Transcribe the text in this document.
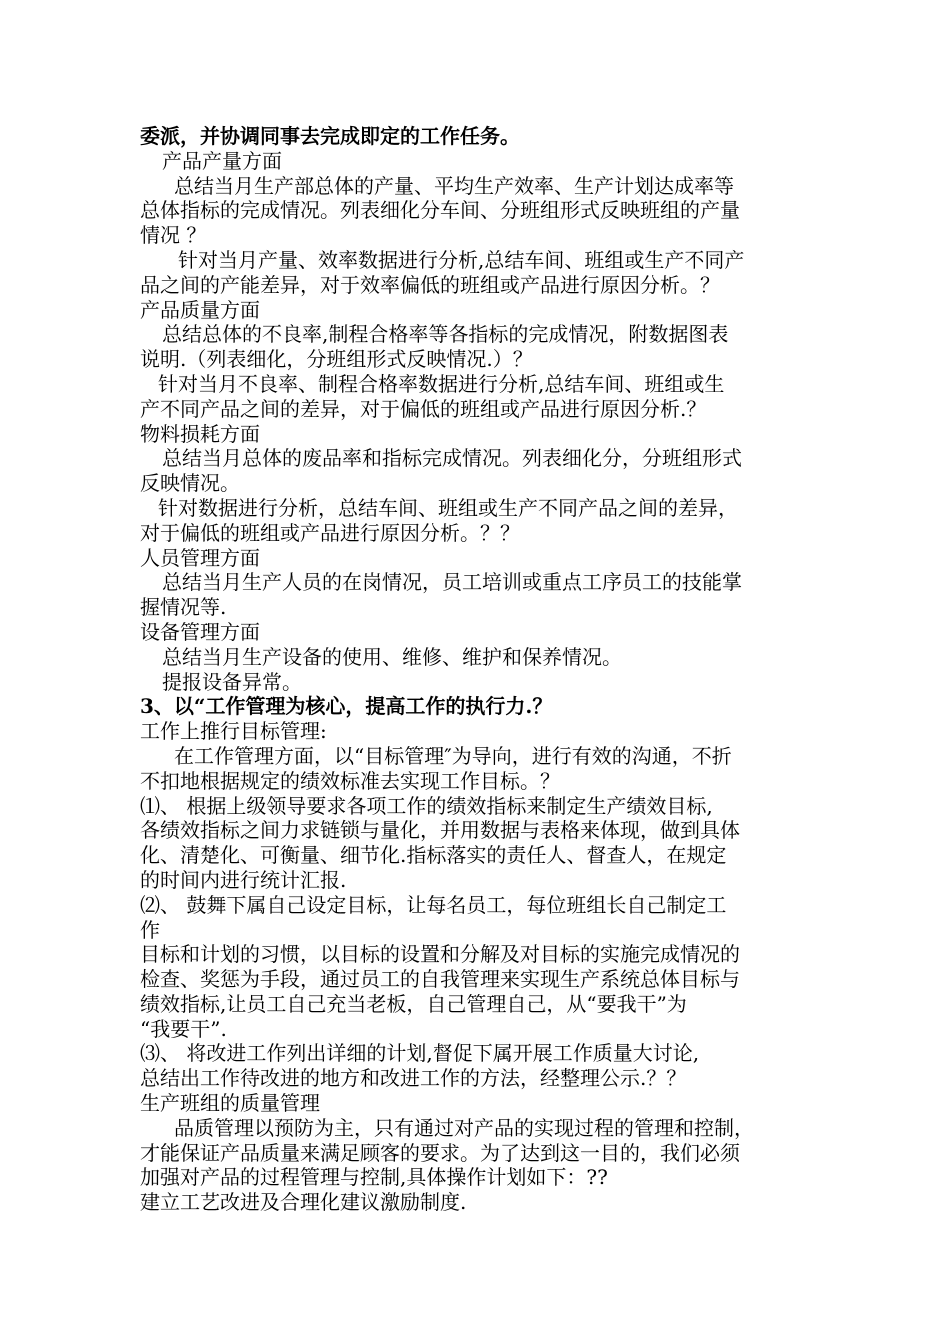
委派，并协调同事去完成即定的工作任务。
产品产量方面
总结当月生产部总体的产量、平均生产效率、生产计划达成率等
总体指标的完成情况。列表细化分车间、分班组形式反映班组的产量
情况 ？
针对当月产量、效率数据进行分析,总结车间、班组或生产不同产
品之间的产能差异，对于效率偏低的班组或产品进行原因分析。？
产品质量方面
总结总体的不良率,制程合格率等各指标的完成情况，附数据图表
说明.（列表细化，分班组形式反映情况.）？
针对当月不良率、制程合格率数据进行分析,总结车间、班组或生
产不同产品之间的差异，对于偏低的班组或产品进行原因分析.？
物料损耗方面
总结当月总体的废品率和指标完成情况。列表细化分，分班组形式
反映情况。
针对数据进行分析，总结车间、班组或生产不同产品之间的差异，
对于偏低的班组或产品进行原因分析。？？
人员管理方面
总结当月生产人员的在岗情况，员工培训或重点工序员工的技能掌
握情况等.
设备管理方面
总结当月生产设备的使用、维修、维护和保养情况。
提报设备异常。
3、以“工作管理为核心，提高工作的执行力.？
工作上推行目标管理:
在工作管理方面，以“目标管理″为导向，进行有效的沟通，不折
不扣地根据规定的绩效标准去实现工作目标。？
⑴、 根据上级领导要求各项工作的绩效指标来制定生产绩效目标,
各绩效指标之间力求链锁与量化，并用数据与表格来体现，做到具体
化、清楚化、可衡量、细节化.指标落实的责任人、督查人，在规定
的时间内进行统计汇报.
⑵、 鼓舞下属自己设定目标，让每名员工，每位班组长自己制定工
作
目标和计划的习惯，以目标的设置和分解及对目标的实施完成情况的
检查、奖惩为手段，通过员工的自我管理来实现生产系统总体目标与
绩效指标,让员工自己充当老板，自己管理自己，从“要我干”为
“我要干”.
⑶、 将改进工作列出详细的计划,督促下属开展工作质量大讨论,
总结出工作待改进的地方和改进工作的方法，经整理公示.？？
生产班组的质量管理
品质管理以预防为主，只有通过对产品的实现过程的管理和控制，
才能保证产品质量来满足顾客的要求。为了达到这一目的，我们必须
加强对产品的过程管理与控制,具体操作计划如下：??
建立工艺改进及合理化建议激励制度.
